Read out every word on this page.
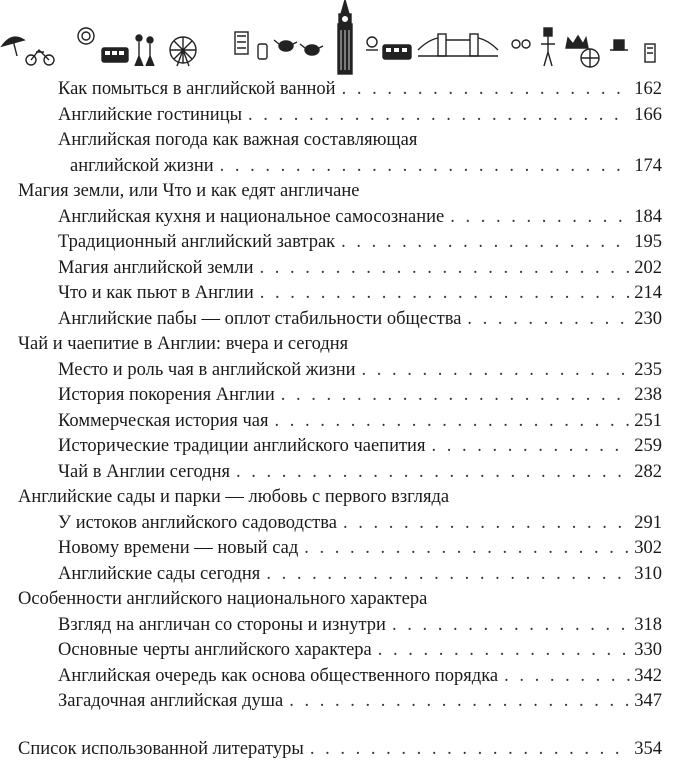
Как помыться в английской ванной . . .	162
Английские гостиницы . . .	166
Английская погода как важная составляющая
английской жизни . . .	174
Магия земли, или Что и как едят англичане
Английская кухня и национальное самосознание . . .	184
Традиционный английский завтрак . . .	195
Магия английской земли . . .	202
Что и как пьют в Англии . . .	214
Английские пабы — оплот стабильности общества . . .	230
Чай и чаепитие в Англии: вчера и сегодня
Место и роль чая в английской жизни . . .	235
История покорения Англии . . .	238
Коммерческая история чая . . .	251
Исторические традиции английского чаепития . . .	259
Чай в Англии сегодня . . .	282
Английские сады и парки — любовь с первого взгляда
У истоков английского садоводства . . .	291
Новому времени — новый сад . . .	302
Английские сады сегодня . . .	310
Особенности английского национального характера
Взгляд на англичан со стороны и изнутри . . .	318
Основные черты английского характера . . .	330
Английская очередь как основа общественного порядка . . .	342
Загадочная английская душа . . .	347
Список использованной литературы . . .	354
